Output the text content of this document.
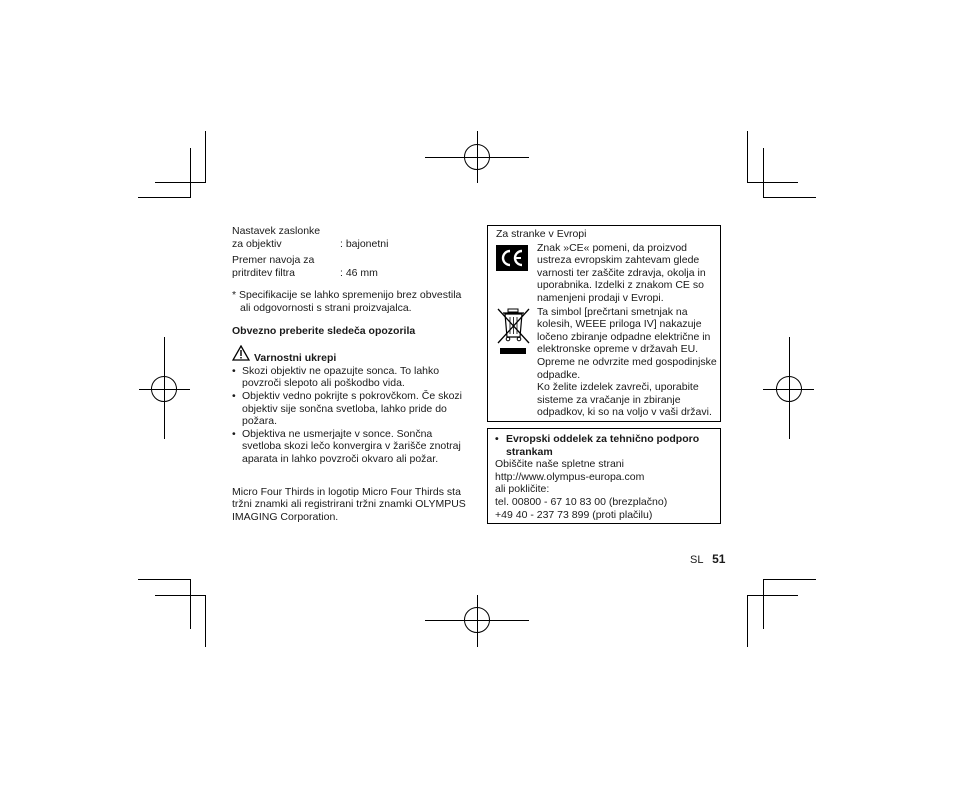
Nastavek zaslonke
za objektiv	: bajonetni
Premer navoja za
pritrditev filtra	: 46 mm
* Specifikacije se lahko spremenijo brez obvestila ali odgovornosti s strani proizvajalca.
Obvezno preberite sledeča opozorila
Varnostni ukrepi
• Skozi objektiv ne opazujte sonca. To lahko povzroči slepoto ali poškodbo vida.
• Objektiv vedno pokrijte s pokrovčkom. Če skozi objektiv sije sončna svetloba, lahko pride do požara.
• Objektiva ne usmerjajte v sonce. Sončna svetloba skozi lečo konvergira v žarišče znotraj aparata in lahko povzroči okvaro ali požar.
Micro Four Thirds in logotip Micro Four Thirds sta tržni znamki ali registrirani tržni znamki OLYMPUS IMAGING Corporation.
Za stranke v Evropi
Znak »CE« pomeni, da proizvod ustreza evropskim zahtevam glede varnosti ter zaščite zdravja, okolja in uporabnika. Izdelki z znakom CE so namenjeni prodaji v Evropi.
Ta simbol [prečrtani smetnjak na kolesih, WEEE priloga IV] nakazuje ločeno zbiranje odpadne električne in elektronske opreme v državah EU. Opreme ne odvrzite med gospodinjske odpadke.
Ko želite izdelek zavreči, uporabite sisteme za vračanje in zbiranje odpadkov, ki so na voljo v vaši državi.
• Evropski oddelek za tehnično podporo strankam
Obiščite naše spletne strani
http://www.olympus-europa.com
ali pokličite:
tel. 00800 - 67 10 83 00 (brezplačno)
+49 40 - 237 73 899 (proti plačilu)
SL 51
